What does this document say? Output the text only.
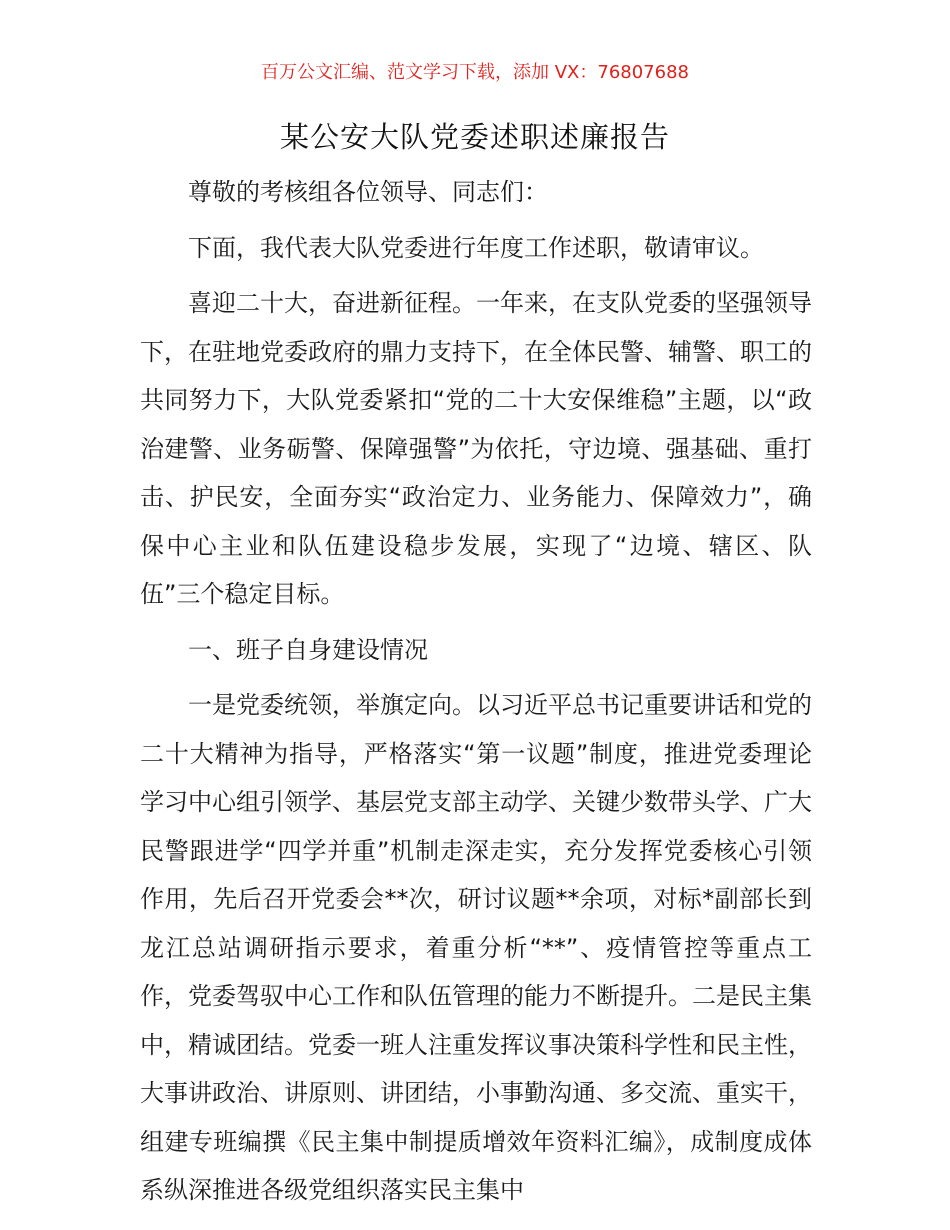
百万公文汇编、范文学习下载，添加 VX：76807688
某公安大队党委述职述廉报告

尊敬的考核组各位领导、同志们：

下面，我代表大队党委进行年度工作述职，敬请审议。

喜迎二十大，奋进新征程。一年来，在支队党委的坚强领导下，在驻地党委政府的鼎力支持下，在全体民警、辅警、职工的共同努力下，大队党委紧扣“党的二十大安保维稳”主题，以“政治建警、业务砺警、保障强警”为依托，守边境、强基础、重打击、护民安，全面夯实“政治定力、业务能力、保障效力”，确保中心主业和队伍建设稳步发展，实现了“边境、辖区、队伍”三个稳定目标。

一、班子自身建设情况

一是党委统领，举旗定向。以习近平总书记重要讲话和党的二十大精神为指导，严格落实“第一议题”制度，推进党委理论学习中心组引领学、基层党支部主动学、关键少数带头学、广大民警跟进学“四学并重”机制走深走实，充分发挥党委核心引领作用，先后召开党委会**次，研讨议题**余项，对标*副部长到龙江总站调研指示要求，着重分析“**”、疫情管控等重点工作，党委驾驭中心工作和队伍管理的能力不断提升。二是民主集中，精诚团结。党委一班人注重发挥议事决策科学性和民主性，大事讲政治、讲原则、讲团结，小事勤沟通、多交流、重实干，组建专班编撰《民主集中制提质增效年资料汇编》，成制度成体系纵深推进各级党组织落实民主集中
